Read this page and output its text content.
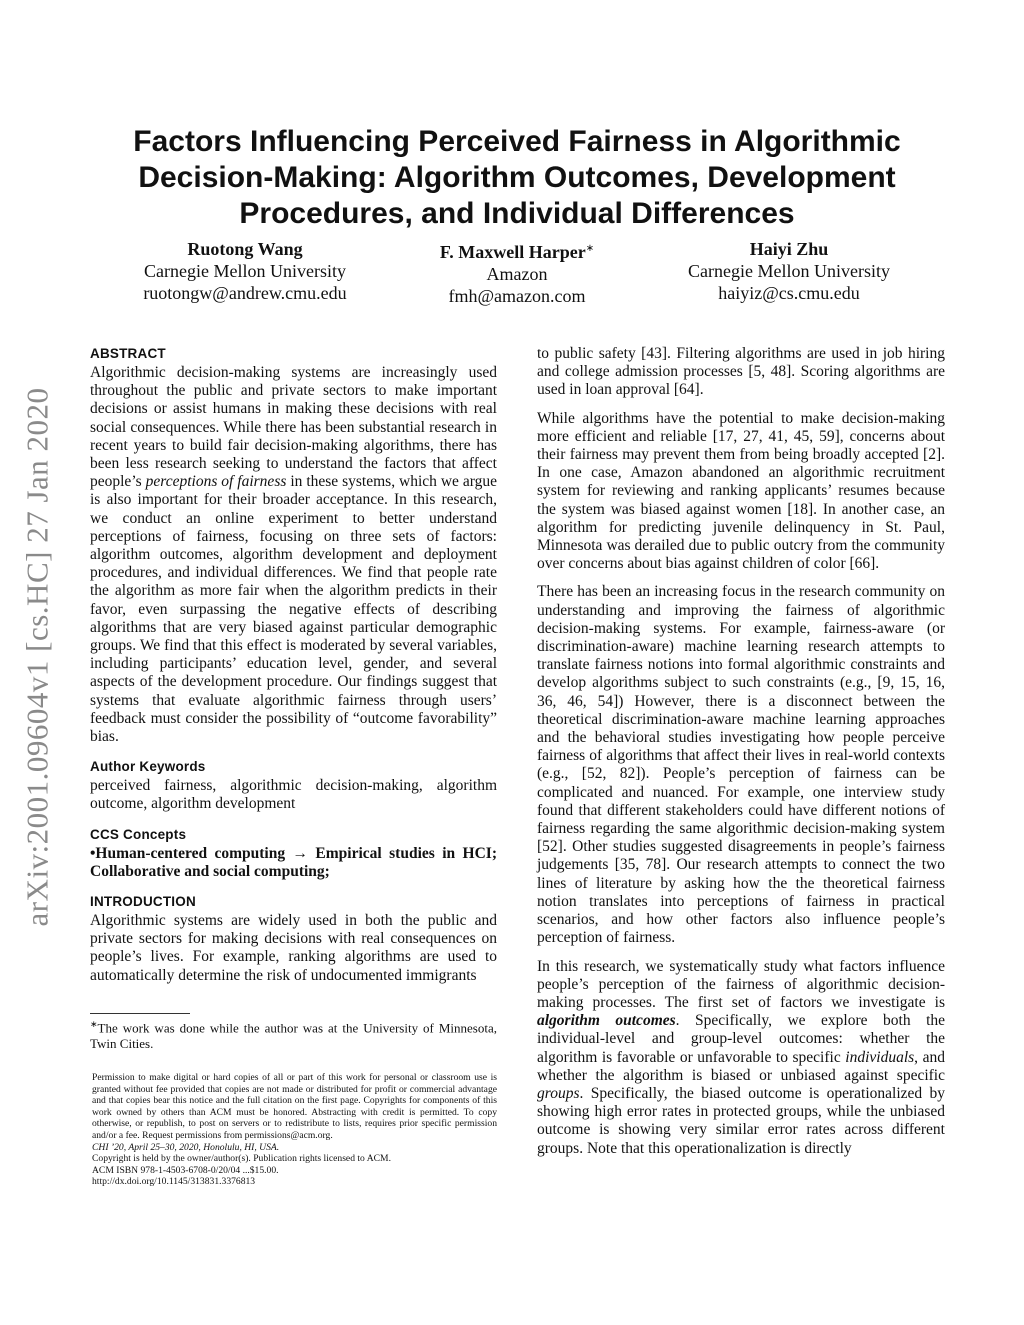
arXiv:2001.09604v1 [cs.HC] 27 Jan 2020
Factors Influencing Perceived Fairness in Algorithmic Decision-Making: Algorithm Outcomes, Development Procedures, and Individual Differences
Ruotong Wang
Carnegie Mellon University
ruotongw@andrew.cmu.edu
F. Maxwell Harper∗
Amazon
fmh@amazon.com
Haiyi Zhu
Carnegie Mellon University
haiyiz@cs.cmu.edu
ABSTRACT

Algorithmic decision-making systems are increasingly used throughout the public and private sectors to make important decisions or assist humans in making these decisions with real social consequences. While there has been substantial research in recent years to build fair decision-making algorithms, there has been less research seeking to understand the factors that affect people’s perceptions of fairness in these systems, which we argue is also important for their broader acceptance. In this research, we conduct an online experiment to better understand perceptions of fairness, focusing on three sets of factors: algorithm outcomes, algorithm development and deployment procedures, and individual differences. We find that people rate the algorithm as more fair when the algorithm predicts in their favor, even surpassing the negative effects of describing algorithms that are very biased against particular demographic groups. We find that this effect is moderated by several variables, including participants’ education level, gender, and several aspects of the development procedure. Our findings suggest that systems that evaluate algorithmic fairness through users’ feedback must consider the possibility of “outcome favorability” bias.

Author Keywords

perceived fairness, algorithmic decision-making, algorithm outcome, algorithm development

CCS Concepts

•Human-centered computing → Empirical studies in HCI; Collaborative and social computing;

INTRODUCTION

Algorithmic systems are widely used in both the public and private sectors for making decisions with real consequences on people’s lives. For example, ranking algorithms are used to automatically determine the risk of undocumented immigrants

∗The work was done while the author was at the University of Minnesota, Twin Cities.
Permission to make digital or hard copies of all or part of this work for personal or classroom use is granted without fee provided that copies are not made or distributed for profit or commercial advantage and that copies bear this notice and the full citation on the first page. Copyrights for components of this work owned by others than ACM must be honored. Abstracting with credit is permitted. To copy otherwise, or republish, to post on servers or to redistribute to lists, requires prior specific permission and/or a fee. Request permissions from permissions@acm.org.
CHI ’20, April 25–30, 2020, Honolulu, HI, USA.
Copyright is held by the owner/author(s). Publication rights licensed to ACM.
ACM ISBN 978-1-4503-6708-0/20/04 ...$15.00.
http://dx.doi.org/10.1145/313831.3376813

to public safety [43]. Filtering algorithms are used in job hiring and college admission processes [5, 48]. Scoring algorithms are used in loan approval [64].

While algorithms have the potential to make decision-making more efficient and reliable [17, 27, 41, 45, 59], concerns about their fairness may prevent them from being broadly accepted [2]. In one case, Amazon abandoned an algorithmic recruitment system for reviewing and ranking applicants’ resumes because the system was biased against women [18]. In another case, an algorithm for predicting juvenile delinquency in St. Paul, Minnesota was derailed due to public outcry from the community over concerns about bias against children of color [66].

There has been an increasing focus in the research community on understanding and improving the fairness of algorithmic decision-making systems. For example, fairness-aware (or discrimination-aware) machine learning research attempts to translate fairness notions into formal algorithmic constraints and develop algorithms subject to such constraints (e.g., [9, 15, 16, 36, 46, 54]) However, there is a disconnect between the theoretical discrimination-aware machine learning approaches and the behavioral studies investigating how people perceive fairness of algorithms that affect their lives in real-world contexts (e.g., [52, 82]). People’s perception of fairness can be complicated and nuanced. For example, one interview study found that different stakeholders could have different notions of fairness regarding the same algorithmic decision-making system [52]. Other studies suggested disagreements in people’s fairness judgements [35, 78]. Our research attempts to connect the two lines of literature by asking how the the theoretical fairness notion translates into perceptions of fairness in practical scenarios, and how other factors also influence people’s perception of fairness.

In this research, we systematically study what factors influence people’s perception of the fairness of algorithmic decision-making processes. The first set of factors we investigate is algorithm outcomes. Specifically, we explore both the individual-level and group-level outcomes: whether the algorithm is favorable or unfavorable to specific individuals, and whether the algorithm is biased or unbiased against specific groups. Specifically, the biased outcome is operationalized by showing high error rates in protected groups, while the unbiased outcome is showing very similar error rates across different groups. Note that this operationalization is directly
